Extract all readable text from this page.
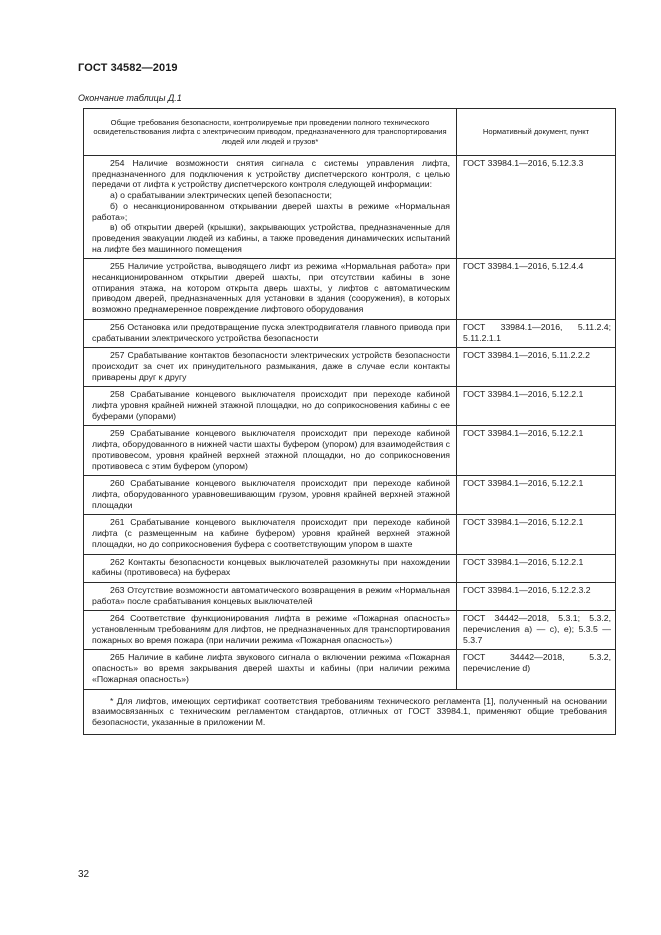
ГОСТ 34582—2019
Окончание таблицы Д.1
Общие требования безопасности, контролируемые при проведении полного технического освидетельствования лифта с электрическим приводом, предназначенного для транспортирования людей или людей и грузов*	Нормативный документ, пункт

254 Наличие возможности снятия сигнала с системы управления лифта, предназначенного для подключения к устройству диспетчерского контроля, с целью передачи от лифта к устройству диспетчерского контроля следующей информации:
а) о срабатывании электрических цепей безопасности;
б) о несанкционированном открывании дверей шахты в режиме «Нормальная работа»;
в) об открытии дверей (крышки), закрывающих устройства, предназначенные для проведения эвакуации людей из кабины, а также проведения динамических испытаний на лифте без машинного помещения	ГОСТ 33984.1—2016, 5.12.3.3

255 Наличие устройства, выводящего лифт из режима «Нормальная работа» при несанкционированном открытии дверей шахты, при отсутствии кабины в зоне отпирания этажа, на котором открыта дверь шахты, у лифтов с автоматическим приводом дверей, предназначенных для установки в здания (сооружения), в которых возможно преднамеренное повреждение лифтового оборудования	ГОСТ 33984.1—2016, 5.12.4.4

256 Остановка или предотвращение пуска электродвигателя главного привода при срабатывании электрического устройства безопасности	ГОСТ 33984.1—2016, 5.11.2.4; 5.11.2.1.1

257 Срабатывание контактов безопасности электрических устройств безопасности происходит за счет их принудительного размыкания, даже в случае если контакты приварены друг к другу	ГОСТ 33984.1—2016, 5.11.2.2.2

258 Срабатывание концевого выключателя происходит при переходе кабиной лифта уровня крайней нижней этажной площадки, но до соприкосновения кабины с ее буферами (упорами)	ГОСТ 33984.1—2016, 5.12.2.1

259 Срабатывание концевого выключателя происходит при переходе кабиной лифта, оборудованного в нижней части шахты буфером (упором) для взаимодействия с противовесом, уровня крайней верхней этажной площадки, но до соприкосновения противовеса с этим буфером (упором)	ГОСТ 33984.1—2016, 5.12.2.1

260 Срабатывание концевого выключателя происходит при переходе кабиной лифта, оборудованного уравновешивающим грузом, уровня крайней верхней этажной площадки	ГОСТ 33984.1—2016, 5.12.2.1

261 Срабатывание концевого выключателя происходит при переходе кабиной лифта (с размещенным на кабине буфером) уровня крайней верхней этажной площадки, но до соприкосновения буфера с соответствующим упором в шахте	ГОСТ 33984.1—2016, 5.12.2.1

262 Контакты безопасности концевых выключателей разомкнуты при нахождении кабины (противовеса) на буферах	ГОСТ 33984.1—2016, 5.12.2.1

263 Отсутствие возможности автоматического возвращения в режим «Нормальная работа» после срабатывания концевых выключателей	ГОСТ 33984.1—2016, 5.12.2.3.2

264 Соответствие функционирования лифта в режиме «Пожарная опасность» установленным требованиям для лифтов, не предназначенных для транспортирования пожарных во время пожара (при наличии режима «Пожарная опасность»)	ГОСТ 34442—2018, 5.3.1; 5.3.2, перечисления а) — с), е); 5.3.5 — 5.3.7

265 Наличие в кабине лифта звукового сигнала о включении режима «Пожарная опасность» во время закрывания дверей шахты и кабины (при наличии режима «Пожарная опасность»)	ГОСТ 34442—2018, 5.3.2, перечисление d)
* Для лифтов, имеющих сертификат соответствия требованиям технического регламента [1], полученный на основании взаимосвязанных с техническим регламентом стандартов, отличных от ГОСТ 33984.1, применяют общие требования безопасности, указанные в приложении М.	
32
